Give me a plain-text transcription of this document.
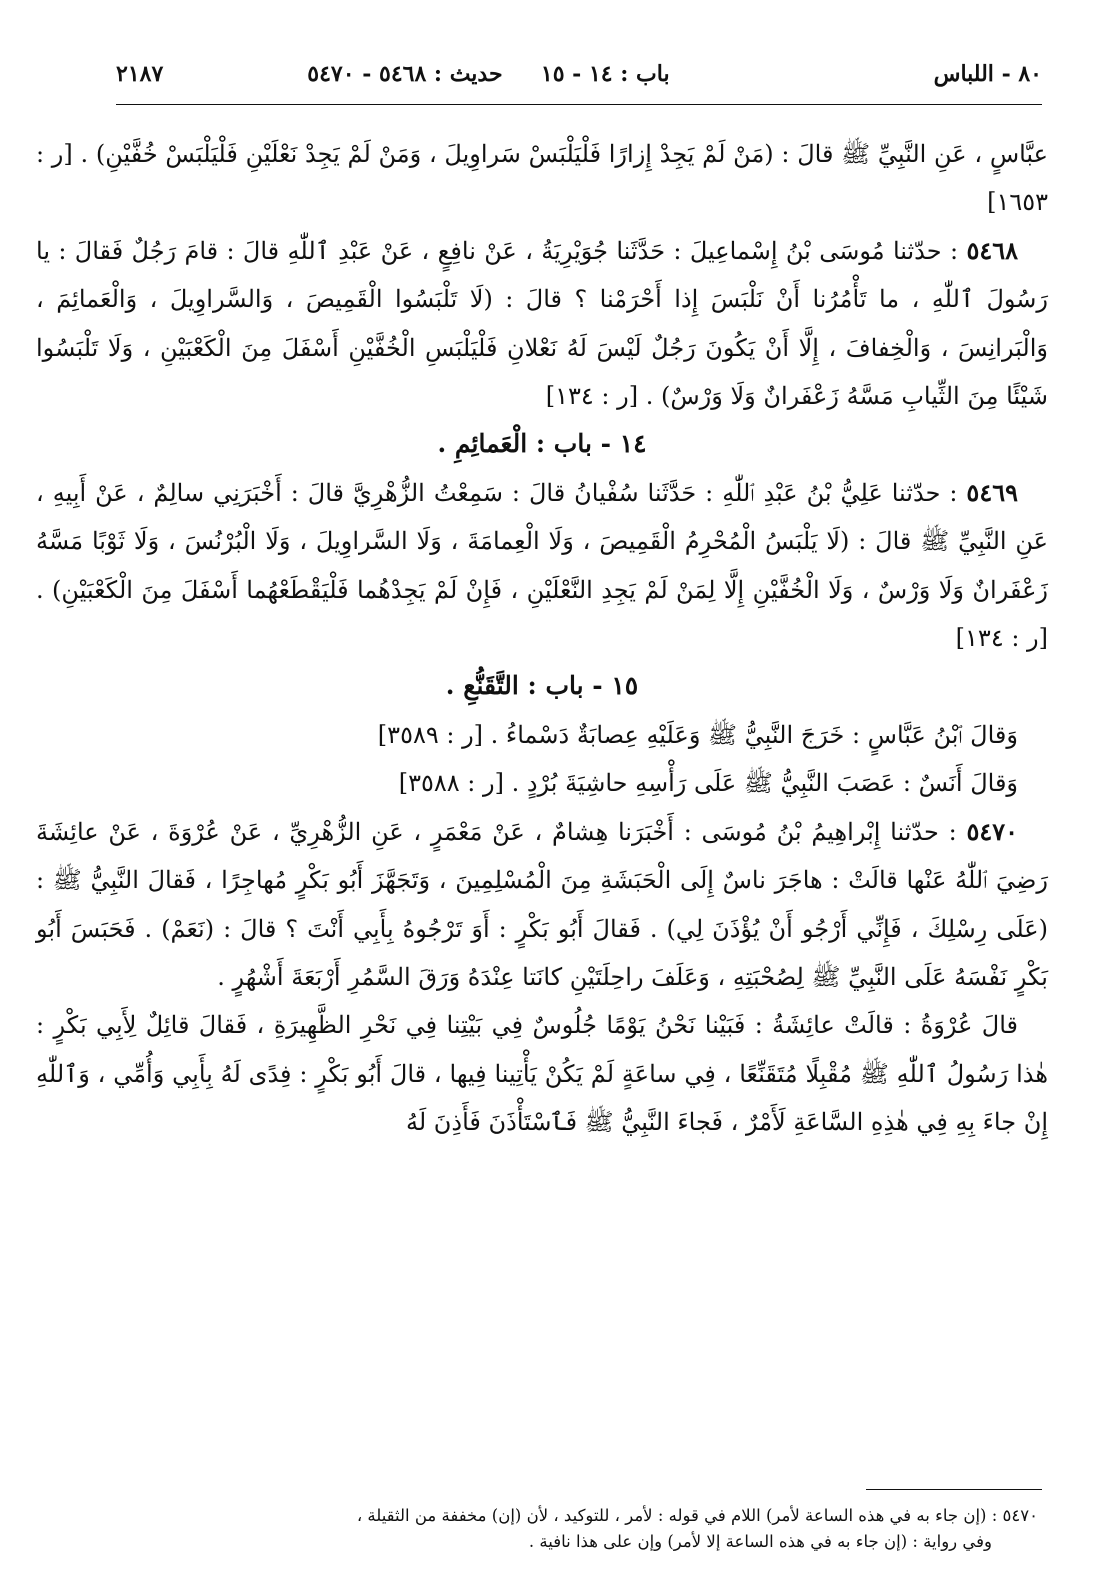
٨٠ - اللباس
باب : ١٤ - ١٥     حديث : ٥٤٦٨ - ٥٤٧٠
٢١٨٧

عبَّاسٍ ، عَنِ النَّبِيِّ ﷺ قالَ : (مَنْ لَمْ يَجِدْ إِزارًا فَلْيَلْبَسْ سَراوِيلَ ، وَمَنْ لَمْ يَجِدْ نَعْلَيْنِ فَلْيَلْبَسْ خُفَّيْنِ) . [ر : ١٦٥٣]

٥٤٦٨ : حدّثنا مُوسَى بْنُ إِسْماعِيلَ : حَدَّثَنا جُوَيْرِيَةُ ، عَنْ نافِعٍ ، عَنْ عَبْدِ ٱللّٰهِ قالَ : قامَ رَجُلٌ فَقالَ : يا رَسُولَ ٱللّٰهِ ، ما تَأْمُرُنا أَنْ نَلْبَسَ إِذا أَحْرَمْنا ؟ قالَ : (لَا تَلْبَسُوا الْقَمِيصَ ، وَالسَّراوِيلَ ، وَالْعَمائِمَ ، وَالْبَرانِسَ ، وَالْخِفافَ ، إِلَّا أَنْ يَكُونَ رَجُلٌ لَيْسَ لَهُ نَعْلانِ فَلْيَلْبَسِ الْخُفَّيْنِ أَسْفَلَ مِنَ الْكَعْبَيْنِ ، وَلَا تَلْبَسُوا شَيْئًا مِنَ الثِّيابِ مَسَّهُ زَعْفَرانٌ وَلَا وَرْسٌ) . [ر : ١٣٤]

١٤ - باب : الْعَمائِمِ .

٥٤٦٩ : حدّثنا عَلِيُّ بْنُ عَبْدِ ٱللّٰهِ : حَدَّثَنا سُفْيانُ قالَ : سَمِعْتُ الزُّهْرِيَّ قالَ : أَخْبَرَنِي سالِمٌ ، عَنْ أَبِيهِ ، عَنِ النَّبِيِّ ﷺ قالَ : (لَا يَلْبَسُ الْمُحْرِمُ الْقَمِيصَ ، وَلَا الْعِمامَةَ ، وَلَا السَّراوِيلَ ، وَلَا الْبُرْنُسَ ، وَلَا ثَوْبًا مَسَّهُ زَعْفَرانٌ وَلَا وَرْسٌ ، وَلَا الْخُفَّيْنِ إِلَّا لِمَنْ لَمْ يَجِدِ النَّعْلَيْنِ ، فَإِنْ لَمْ يَجِدْهُما فَلْيَقْطَعْهُما أَسْفَلَ مِنَ الْكَعْبَيْنِ) . [ر : ١٣٤]

١٥ - باب : التَّقَنُّعِ .

وَقالَ ٱبْنُ عَبَّاسٍ : خَرَجَ النَّبِيُّ ﷺ وَعَلَيْهِ عِصابَةٌ دَسْماءُ . [ر : ٣٥٨٩]

وَقالَ أَنَسٌ : عَصَبَ النَّبِيُّ ﷺ عَلَى رَأْسِهِ حاشِيَةَ بُرْدٍ . [ر : ٣٥٨٨]

٥٤٧٠ : حدّثنا إِبْراهِيمُ بْنُ مُوسَى : أَخْبَرَنا هِشامٌ ، عَنْ مَعْمَرٍ ، عَنِ الزُّهْرِيِّ ، عَنْ عُرْوَةَ ، عَنْ عائِشَةَ رَضِيَ ٱللّٰهُ عَنْها قالَتْ : هاجَرَ ناسٌ إِلَى الْحَبَشَةِ مِنَ الْمُسْلِمِينَ ، وَتَجَهَّزَ أَبُو بَكْرٍ مُهاجِرًا ، فَقالَ النَّبِيُّ ﷺ : (عَلَى رِسْلِكَ ، فَإِنِّي أَرْجُو أَنْ يُؤْذَنَ لِي) . فَقالَ أَبُو بَكْرٍ : أَوَ تَرْجُوهُ بِأَبِي أَنْتَ ؟ قالَ : (نَعَمْ) . فَحَبَسَ أَبُو بَكْرٍ نَفْسَهُ عَلَى النَّبِيِّ ﷺ لِصُحْبَتِهِ ، وَعَلَفَ راحِلَتَيْنِ كانَتا عِنْدَهُ وَرَقَ السَّمُرِ أَرْبَعَةَ أَشْهُرٍ .

قالَ عُرْوَةُ : قالَتْ عائِشَةُ : فَبَيْنا نَحْنُ يَوْمًا جُلُوسٌ فِي بَيْتِنا فِي نَحْرِ الظَّهِيرَةِ ، فَقالَ قائِلٌ لِأَبِي بَكْرٍ : هٰذا رَسُولُ ٱللّٰهِ ﷺ مُقْبِلًا مُتَقَنِّعًا ، فِي ساعَةٍ لَمْ يَكُنْ يَأْتِينا فِيها ، قالَ أَبُو بَكْرٍ : فِدًى لَهُ بِأَبِي وَأُمِّي ، وَٱللّٰهِ إِنْ جاءَ بِهِ فِي هٰذِهِ السَّاعَةِ لَأَمْرٌ ، فَجاءَ النَّبِيُّ ﷺ فَٱسْتَأْذَنَ فَأَذِنَ لَهُ

٥٤٧٠ : (إن جاء به في هذه الساعة لأمر) اللام في قوله : لأمر ، للتوكيد ، لأن (إن) مخففة من الثقيلة ،

وفي رواية : (إن جاء به في هذه الساعة إلا لأمر) وإن على هذا نافية .
